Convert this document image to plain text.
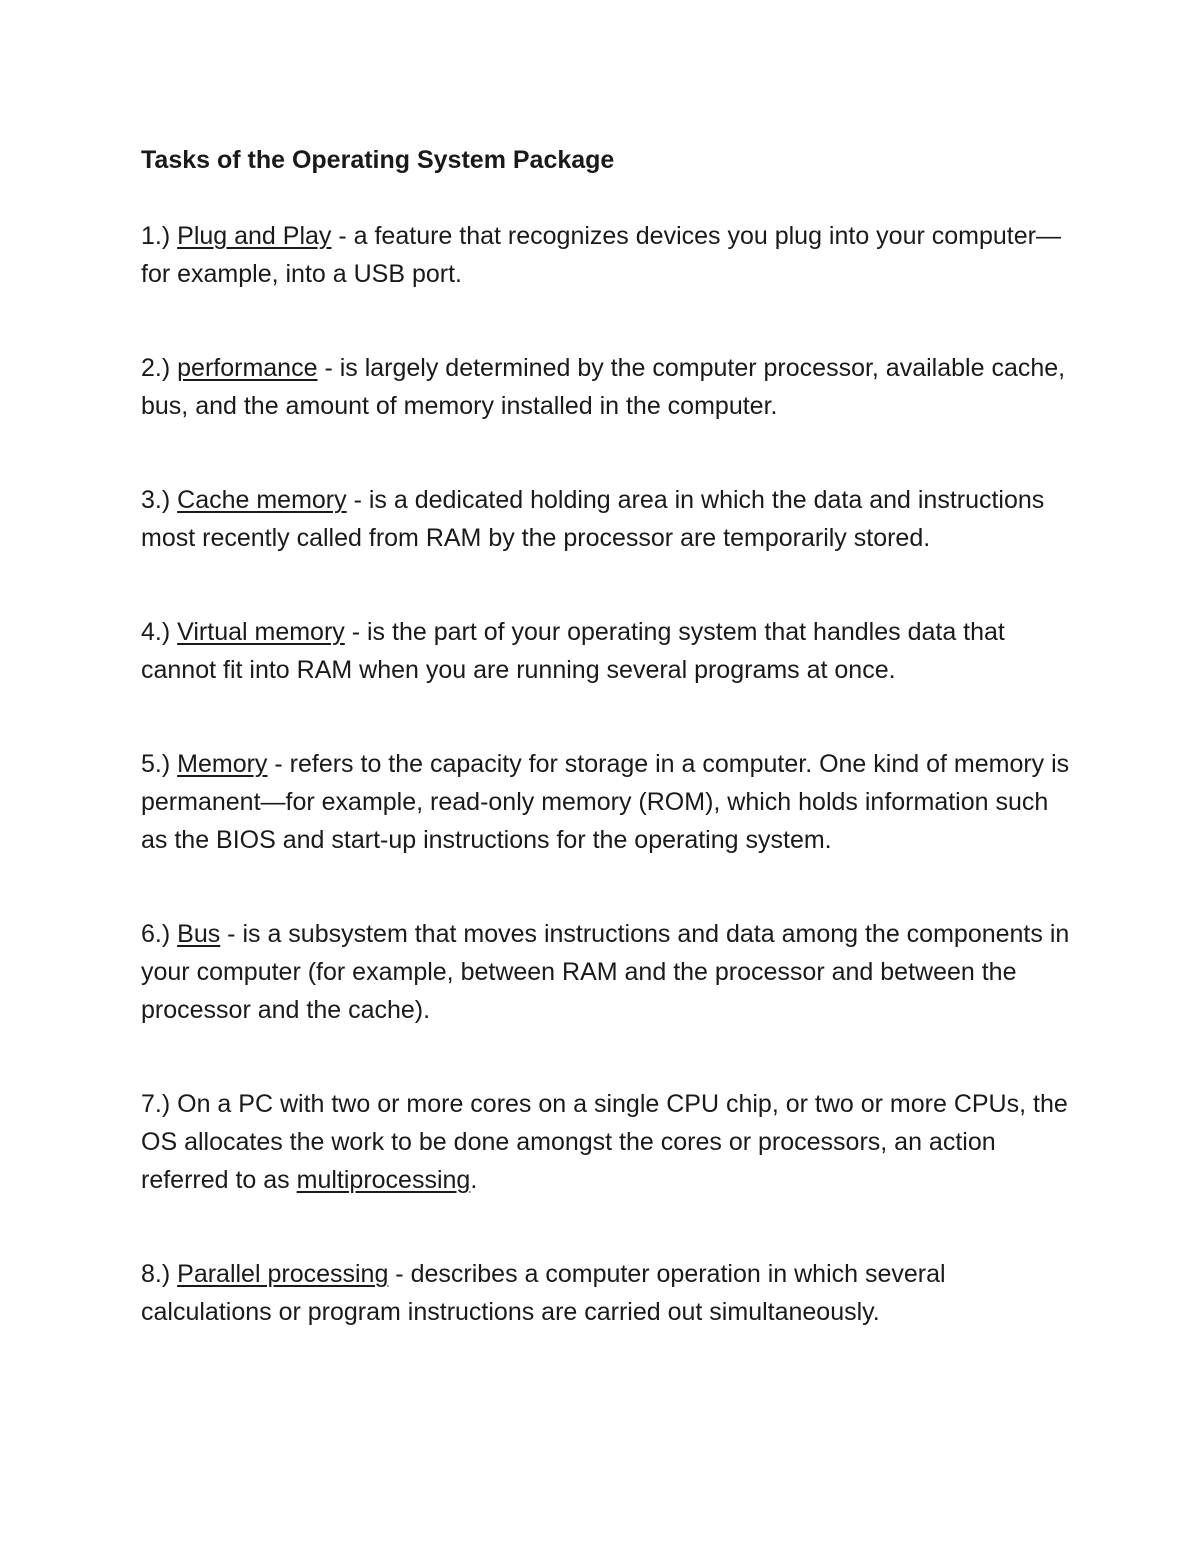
Tasks of the Operating System Package

1.) Plug and Play - a feature that recognizes devices you plug into your computer—for example, into a USB port.

2.) performance - is largely determined by the computer processor, available cache, bus, and the amount of memory installed in the computer.

3.) Cache memory - is a dedicated holding area in which the data and instructions most recently called from RAM by the processor are temporarily stored.

4.) Virtual memory - is the part of your operating system that handles data that cannot fit into RAM when you are running several programs at once.

5.) Memory - refers to the capacity for storage in a computer. One kind of memory is permanent—for example, read-only memory (ROM), which holds information such as the BIOS and start-up instructions for the operating system.

6.) Bus - is a subsystem that moves instructions and data among the components in your computer (for example, between RAM and the processor and between the processor and the cache).

7.) On a PC with two or more cores on a single CPU chip, or two or more CPUs, the OS allocates the work to be done amongst the cores or processors, an action referred to as multiprocessing.

8.) Parallel processing - describes a computer operation in which several calculations or program instructions are carried out simultaneously.
